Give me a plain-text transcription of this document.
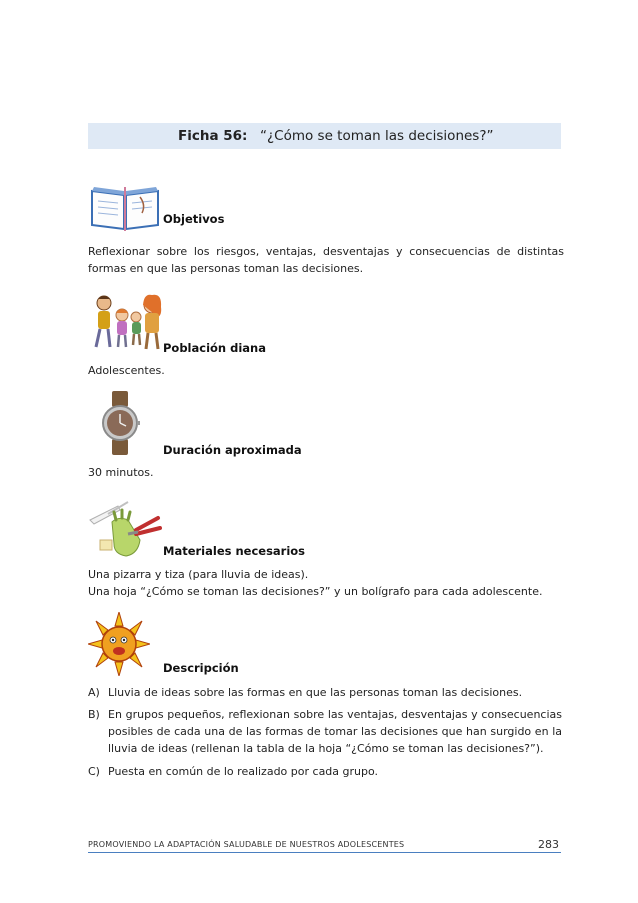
Ficha 56: “¿Cómo se toman las decisiones?”
Objetivos
Reflexionar sobre los riesgos, ventajas, desventajas y consecuencias de distintas formas en que las personas toman las decisiones.
Población diana
Adolescentes.
Duración aproximada
30 minutos.
Materiales necesarios
Una pizarra y tiza (para lluvia de ideas).
Una hoja “¿Cómo se toman las decisiones?” y un bolígrafo para cada adolescente.
Descripción
A) Lluvia de ideas sobre las formas en que las personas toman las decisiones.
B) En grupos pequeños, reflexionan sobre las ventajas, desventajas y consecuencias posibles de cada una de las formas de tomar las decisiones que han surgido en la lluvia de ideas (rellenan la tabla de la hoja “¿Cómo se toman las decisiones?”).
C) Puesta en común de lo realizado por cada grupo.
PROMOVIENDO LA ADAPTACIÓN SALUDABLE DE NUESTROS ADOLESCENTES	283
